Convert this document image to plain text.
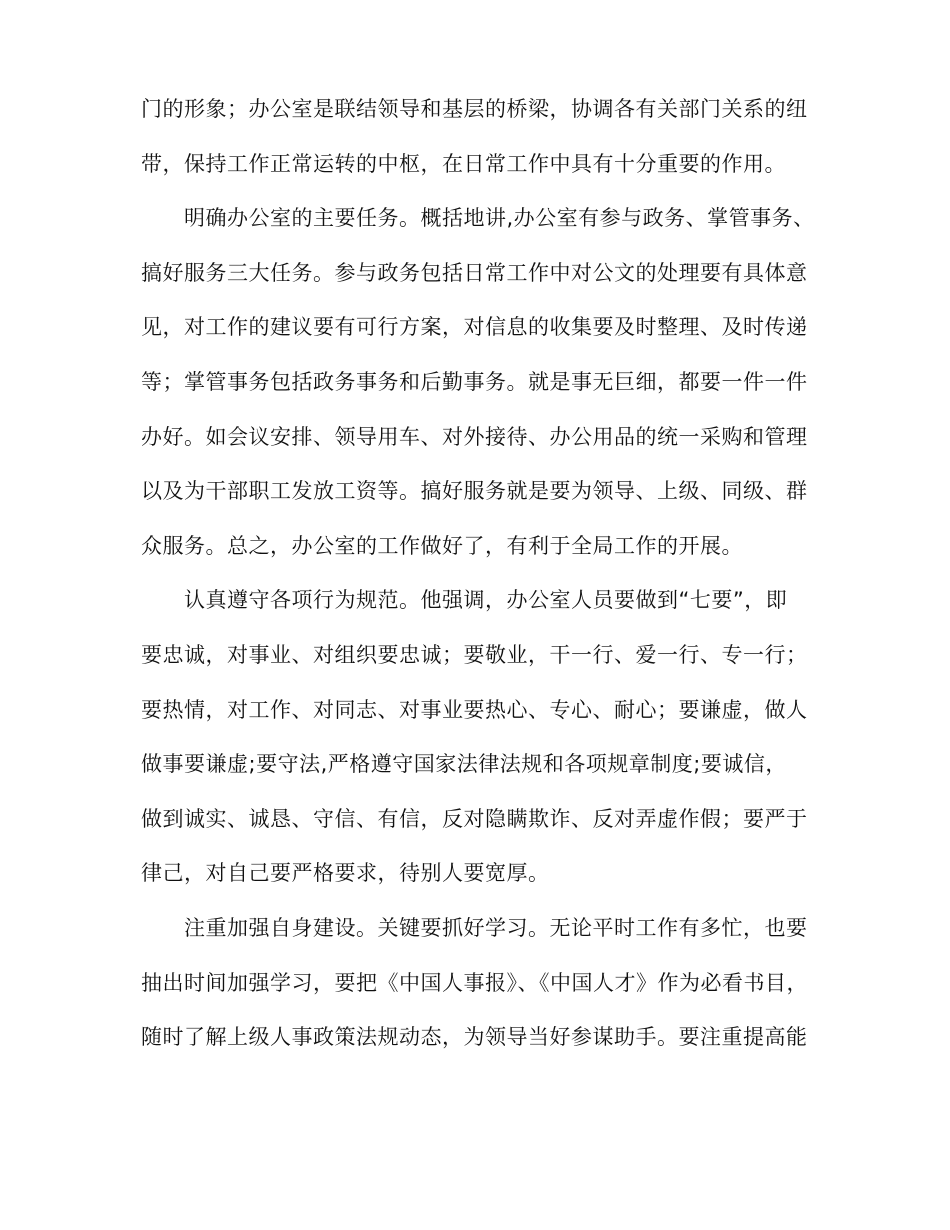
门的形象；办公室是联结领导和基层的桥梁，协调各有关部门关系的纽
带，保持工作正常运转的中枢，在日常工作中具有十分重要的作用。
明确办公室的主要任务。概括地讲,办公室有参与政务、掌管事务、
搞好服务三大任务。参与政务包括日常工作中对公文的处理要有具体意
见，对工作的建议要有可行方案，对信息的收集要及时整理、及时传递
等；掌管事务包括政务事务和后勤事务。就是事无巨细，都要一件一件
办好。如会议安排、领导用车、对外接待、办公用品的统一采购和管理
以及为干部职工发放工资等。搞好服务就是要为领导、上级、同级、群
众服务。总之，办公室的工作做好了，有利于全局工作的开展。
认真遵守各项行为规范。他强调，办公室人员要做到“七要”，即
要忠诚，对事业、对组织要忠诚；要敬业，干一行、爱一行、专一行；
要热情，对工作、对同志、对事业要热心、专心、耐心；要谦虚，做人
做事要谦虚;要守法,严格遵守国家法律法规和各项规章制度;要诚信，
做到诚实、诚恳、守信、有信，反对隐瞒欺诈、反对弄虚作假；要严于
律己，对自己要严格要求，待别人要宽厚。
注重加强自身建设。关键要抓好学习。无论平时工作有多忙，也要
抽出时间加强学习，要把《中国人事报》、《中国人才》作为必看书目，
随时了解上级人事政策法规动态，为领导当好参谋助手。要注重提高能
